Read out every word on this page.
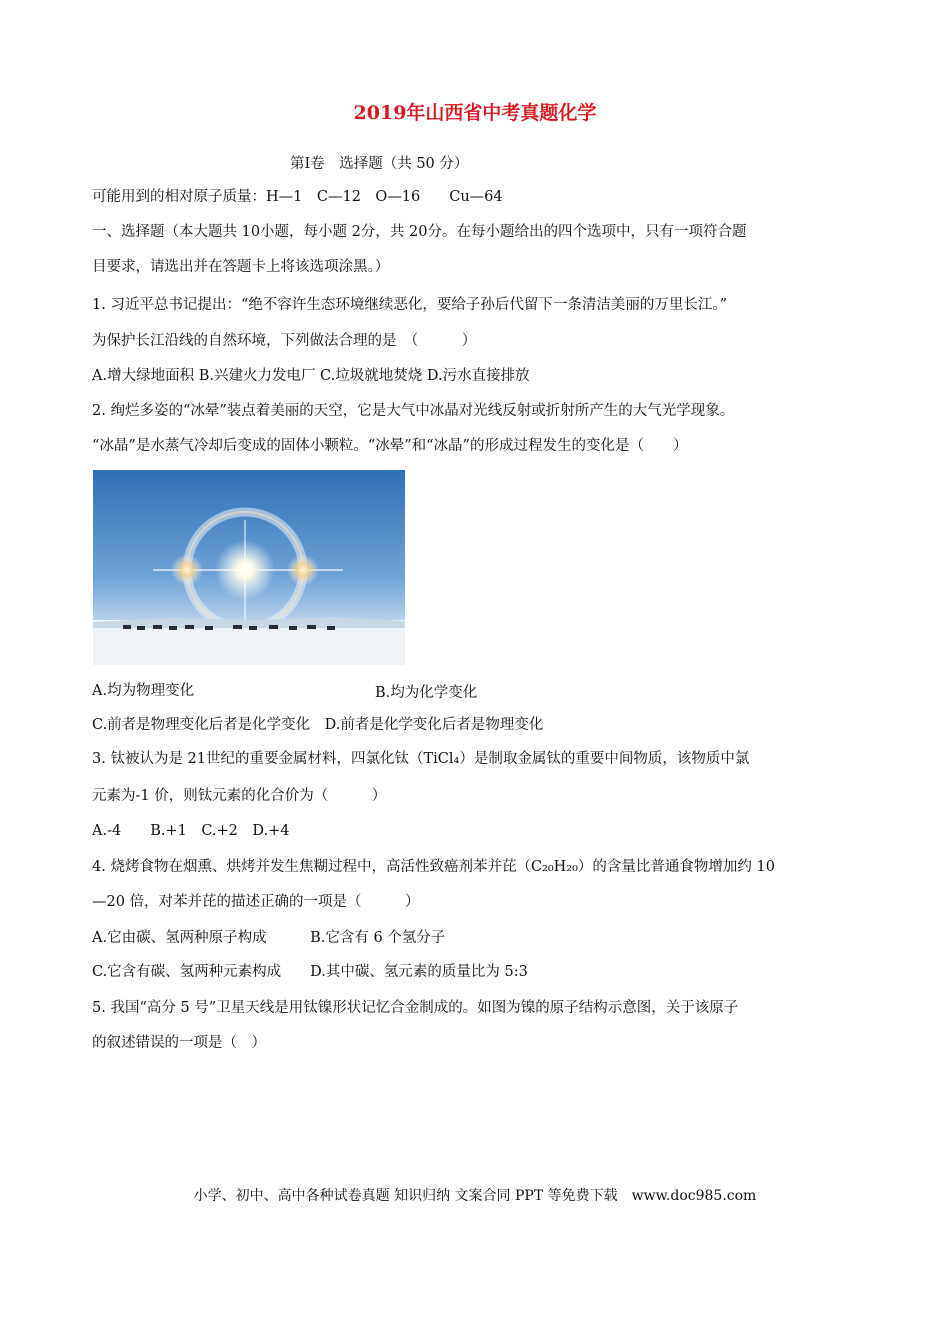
2019年山西省中考真题化学
第Ⅰ卷　选择题（共 50 分）
可能用到的相对原子质量：H—1　C—12　O—16　　Cu—64
一、选择题（本大题共 10小题，每小题 2分，共 20分。在每小题给出的四个选项中，只有一项符合题
目要求，请选出并在答题卡上将该选项涂黑。）
1. 习近平总书记提出：“绝不容许生态环境继续恶化，要给子孙后代留下一条清洁美丽的万里长江。”
为保护长江沿线的自然环境，下列做法合理的是　（　　　）
A.增大绿地面积 B.兴建火力发电厂 C.垃圾就地焚烧 D.污水直接排放
2. 绚烂多姿的“冰晕”装点着美丽的天空，它是大气中冰晶对光线反射或折射所产生的大气光学现象。
“冰晶”是水蒸气冷却后变成的固体小颗粒。“冰晕”和“冰晶”的形成过程发生的变化是（　　）
A.均为物理变化	B.均为化学变化
C.前者是物理变化后者是化学变化　D.前者是化学变化后者是物理变化
3. 钛被认为是 21世纪的重要金属材料，四氯化钛（TiCl₄）是制取金属钛的重要中间物质，该物质中氯
元素为-1 价，则钛元素的化合价为（　　　）
A.-4　　B.+1　C.+2　D.+4
4. 烧烤食物在烟熏、烘烤并发生焦糊过程中，高活性致癌剂苯并芘（C₂₀H₂₀）的含量比普通食物增加约 10
—20 倍，对苯并芘的描述正确的一项是（　　　）
A.它由碳、氢两种原子构成　　　B.它含有 6 个氢分子
C.它含有碳、氢两种元素构成　　D.其中碳、氢元素的质量比为 5:3
5. 我国“高分 5 号”卫星天线是用钛镍形状记忆合金制成的。如图为镍的原子结构示意图，关于该原子
的叙述错误的一项是（　）
小学、初中、高中各种试卷真题 知识归纳 文案合同 PPT 等免费下载　www.doc985.com
